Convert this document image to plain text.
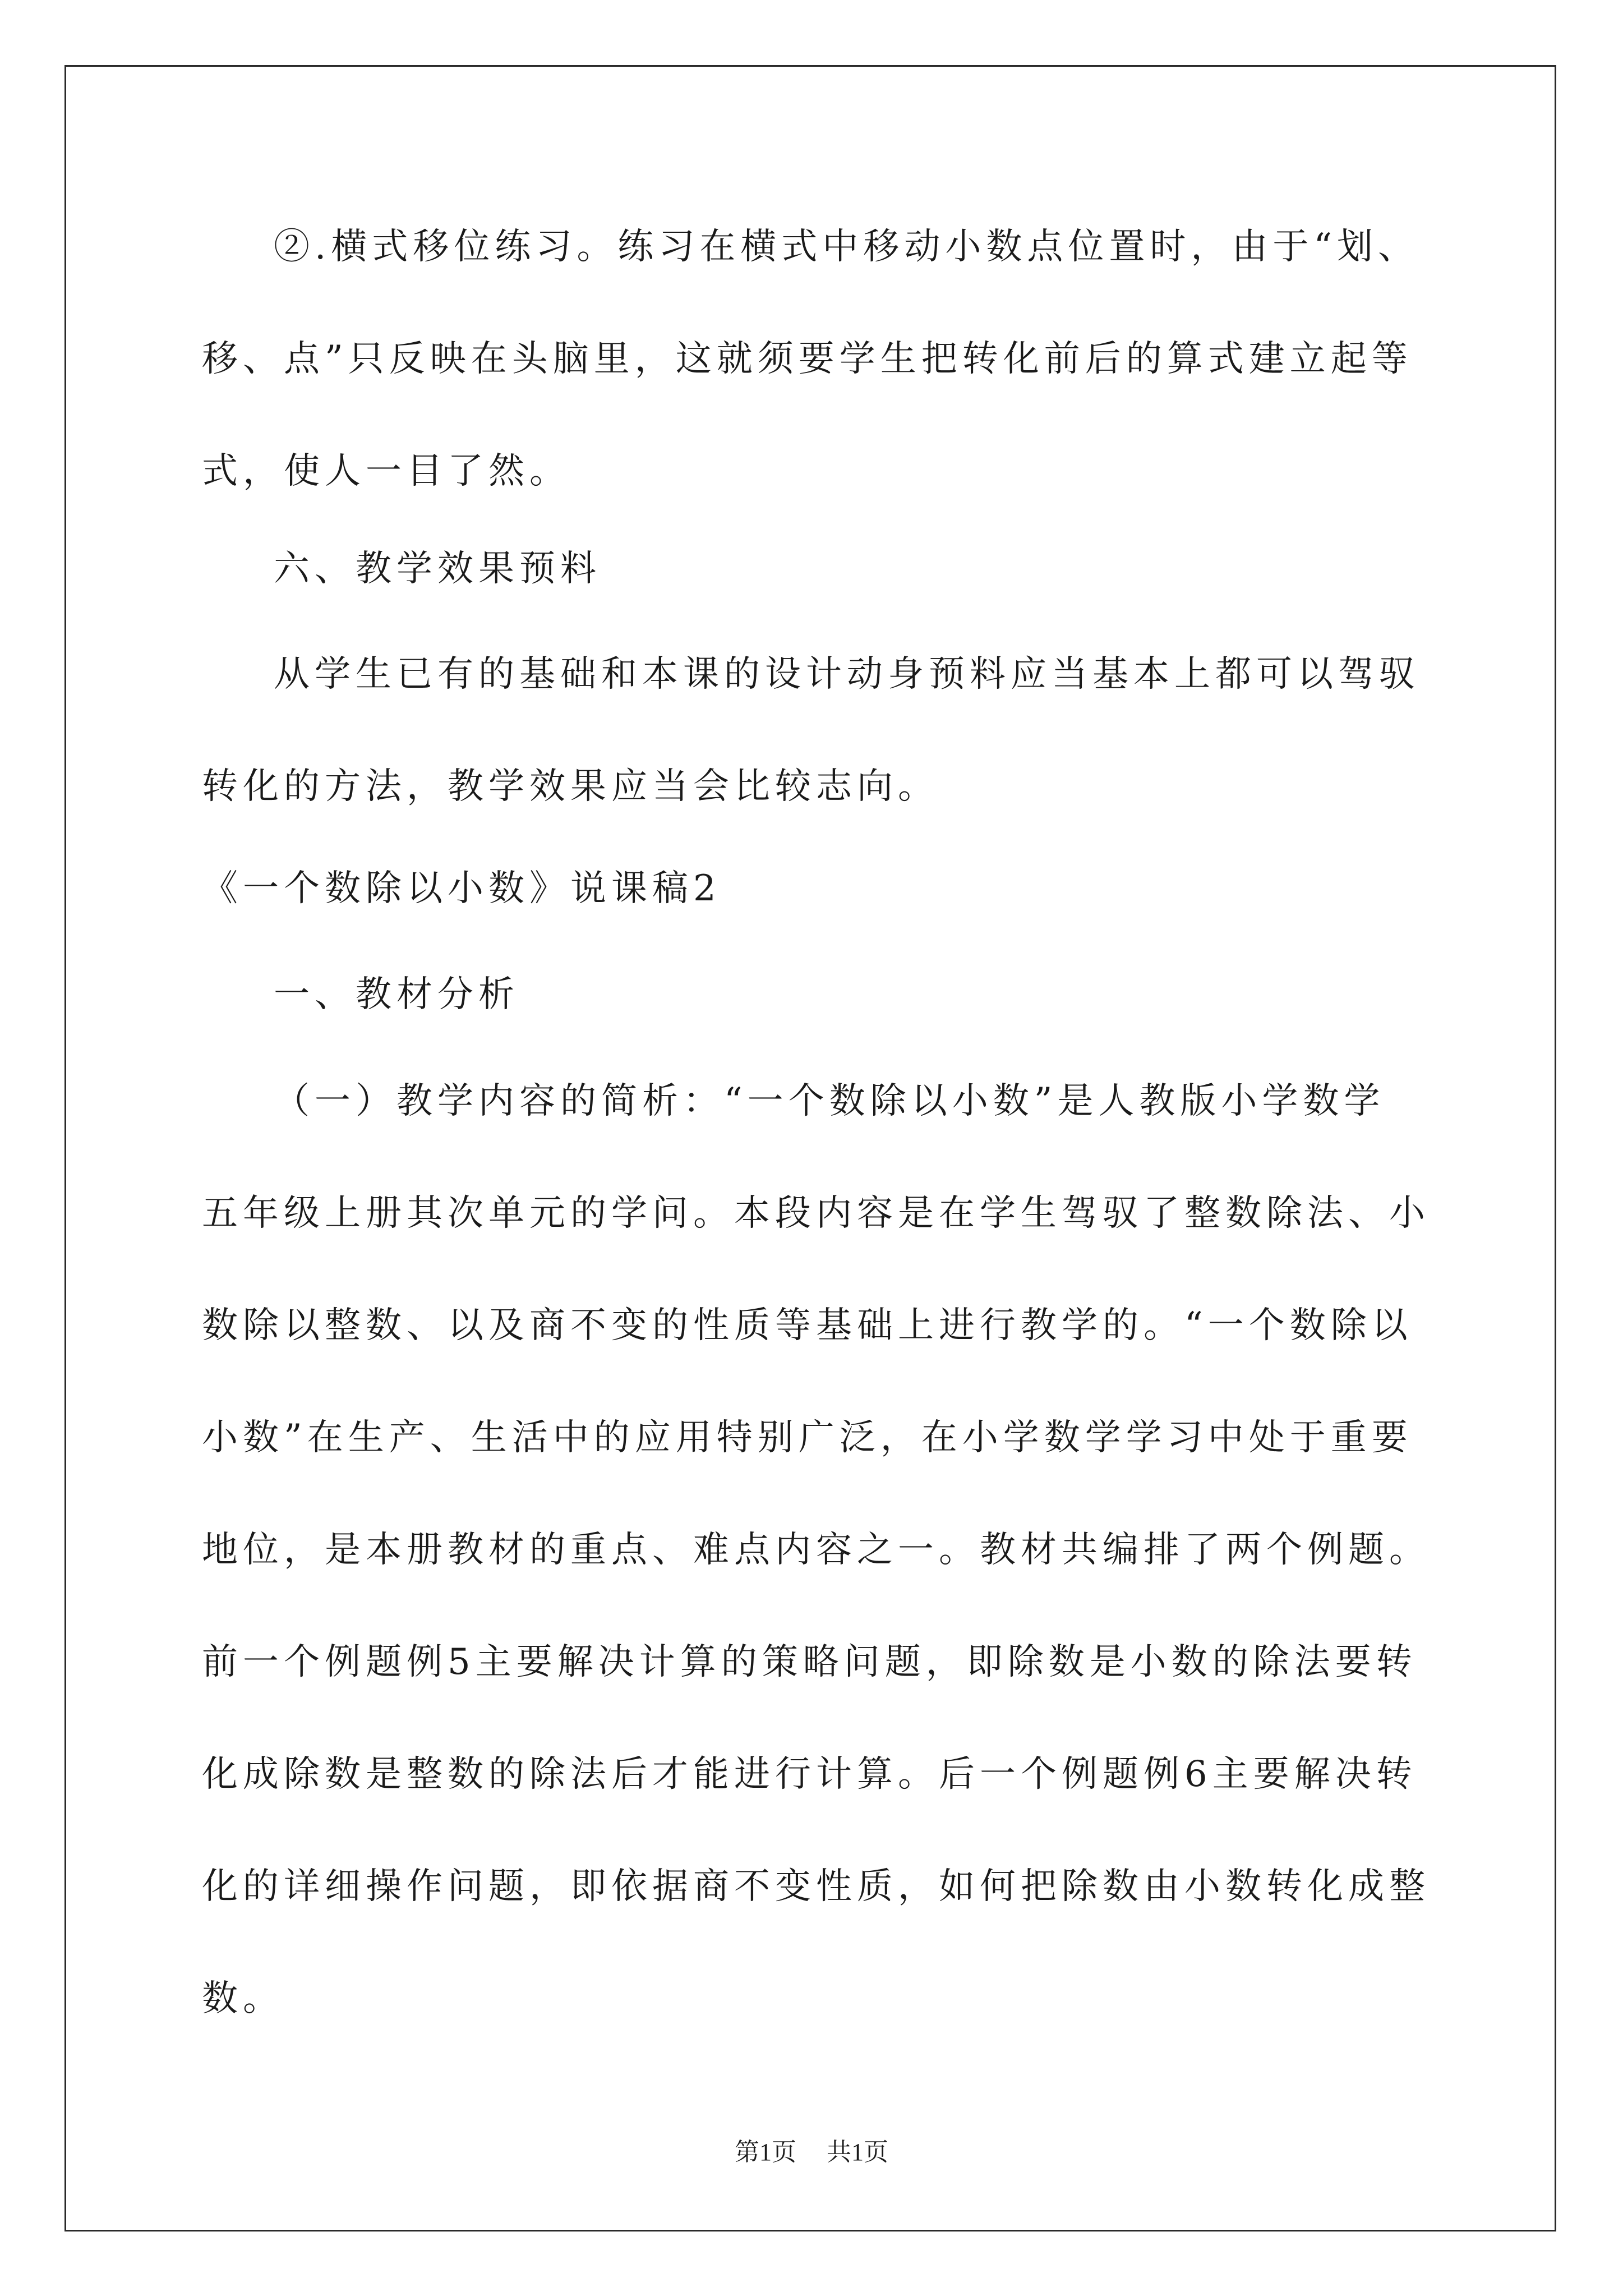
②.横式移位练习。练习在横式中移动小数点位置时，由于“划、
移、点”只反映在头脑里，这就须要学生把转化前后的算式建立起等
式，使人一目了然。

六、教学效果预料

从学生已有的基础和本课的设计动身预料应当基本上都可以驾驭
转化的方法，教学效果应当会比较志向。

《一个数除以小数》说课稿2

一、教材分析

（一）教学内容的简析：“一个数除以小数”是人教版小学数学
五年级上册其次单元的学问。本段内容是在学生驾驭了整数除法、小
数除以整数、以及商不变的性质等基础上进行教学的。“一个数除以
小数”在生产、生活中的应用特别广泛，在小学数学学习中处于重要
地位，是本册教材的重点、难点内容之一。教材共编排了两个例题。
前一个例题例5主要解决计算的策略问题，即除数是小数的除法要转
化成除数是整数的除法后才能进行计算。后一个例题例6主要解决转
化的详细操作问题，即依据商不变性质，如何把除数由小数转化成整
数。

第1页 共1页
